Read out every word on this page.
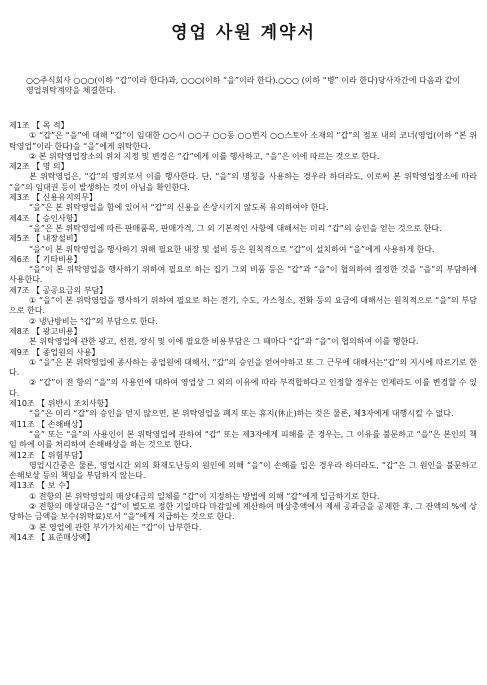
영업 사원 계약서
○○주식회사 ○○○(이하 “갑”이라 한다)과, ○○○(이하 “을”이라 한다).○○○ (이하 “병” 이라 한다)당사자간에 다음과 같이 영업위탁계약을 체결한다.
제1조 【 목 적】
① “갑”은 “을”에 대해 “갑”이 임대한 ○○시 ○○구 ○○동 ○○번지 ○○스토아 소재의 “갑”의 점포 내의 코너(영업(이하 “본 위탁영업”이라 한다)을 “을”에게 위탁한다.
② 본 위탁영업장소의 위치 지정 및 변경은 “갑”에게 이를 행사하고, “을”은 이에 따르는 것으로 한다.
제2조 【 명 의】
본 위탁영업은, “갑”의 명의로서 이를 행사한다. 단, “을”의 명칭을 사용하는 경우라 하더라도, 이로써 본 위탁영업장소에 따라 “을”의 임대권 등이 발생하는 것이 아님을 확인한다.
제3조 【 신용유지의무】
“을”은 본 위탁영업을 함에 있어서 “갑”의 신용을 손상시키지 않도록 유의하여야 한다.
제4조 【 승인사항】
“을”은 본 위탁영업에 따른 판매품목, 판매가격, 그 외 기본적인 사항에 대해서는 미리 “갑”의 승인을 얻는 것으로 한다.
제5조 【 내장설비】
“을”이 본 위탁영업을 행사하기 위해 필요한 내장 및 설비 등은 원칙적으로 “갑”이 설치하여 “을”에게 사용하게 한다.
제6조 【 기타비용】
“을”이 본 위탁영업을 행사하기 위하여 필요로 하는 집기 그외 비품 등은 “갑”과 “을”이 협의하여 결정한 것을 “을”의 부담하에 사용한다.
제7조 【 공공요금의 부담】
① “을”이 본 위탁영업을 행사하기 위하여 필요로 하는 전기, 수도, 가스청소, 전화 등의 요금에 대해서는 원칙적으로 “을”의 부담으로 한다.
② 냉난방비는 “갑”의 부담으로 한다.
제8조 【 광고비용】
본 위탁영업에 관한 광고, 선전, 장식 및 이에 필요한 비용부담은 그 때마다 “갑”과 “을”이 협의하여 이를 행한다.
제9조 【 종업원의 사용】
① “을”은 본 위탁영업에 종사하는 종업원에 대해서, “갑”의 승인을 얻어야하고 또 그 근무에 대해서는“갑”의 지시에 따르기로 한다.
② “갑”이 전 항의 “을”의 사용인에 대하여 영업상 그 외의 이유에 따라 부적합하다고 인정할 경우는 언제라도 이를 변경할 수 있다.
제10조 【 위반시 조치사항】
“을”은 미리 “갑”의 승인을 얻지 않으면, 본 위탁영업을 폐지 또는 휴지(休止)하는 것은 물론, 제3자에게 대행시킬 수 없다.
제11조 【 손해배상】
“을” 또는 “을”의 사용인이 본 위탁영업에 관하여 “갑” 또는 제3자에게 피해를 준 경우는, 그 이유를 불문하고 “을”은 본인의 책임 하에 이를 처리하여 손해배상을 하는 것으로 한다.
제12조 【 위험부담】
영업시간중은 물론, 영업시간 외의 화재도난등의 원인에 의해 “을”이 손해를 입은 경우라 하더라도, “갑”은 그 원인을 불문하고 손해보상 등의 책임을 부담하지 않는다.
제13조 【 보 수】
① 전항의 본 위탁영업의 매상대금의 일체를 “갑”이 지정하는 방법에 의해 “갑”에게 입금하기로 한다.
② 전항의 매상대금은 “갑”이 별도로 정한 기일마다 마감일에 계산하여 매상총액에서 제세 공과금을 공제한 후, 그 잔액의 %에 상당하는 금액을 보수(위탁료)로서 “을”에게 지급하는 것으로 한다.
③ 본 영업에 관한 부가가치세는 “갑”이 납부한다.
제14조 【 표준매상액】
